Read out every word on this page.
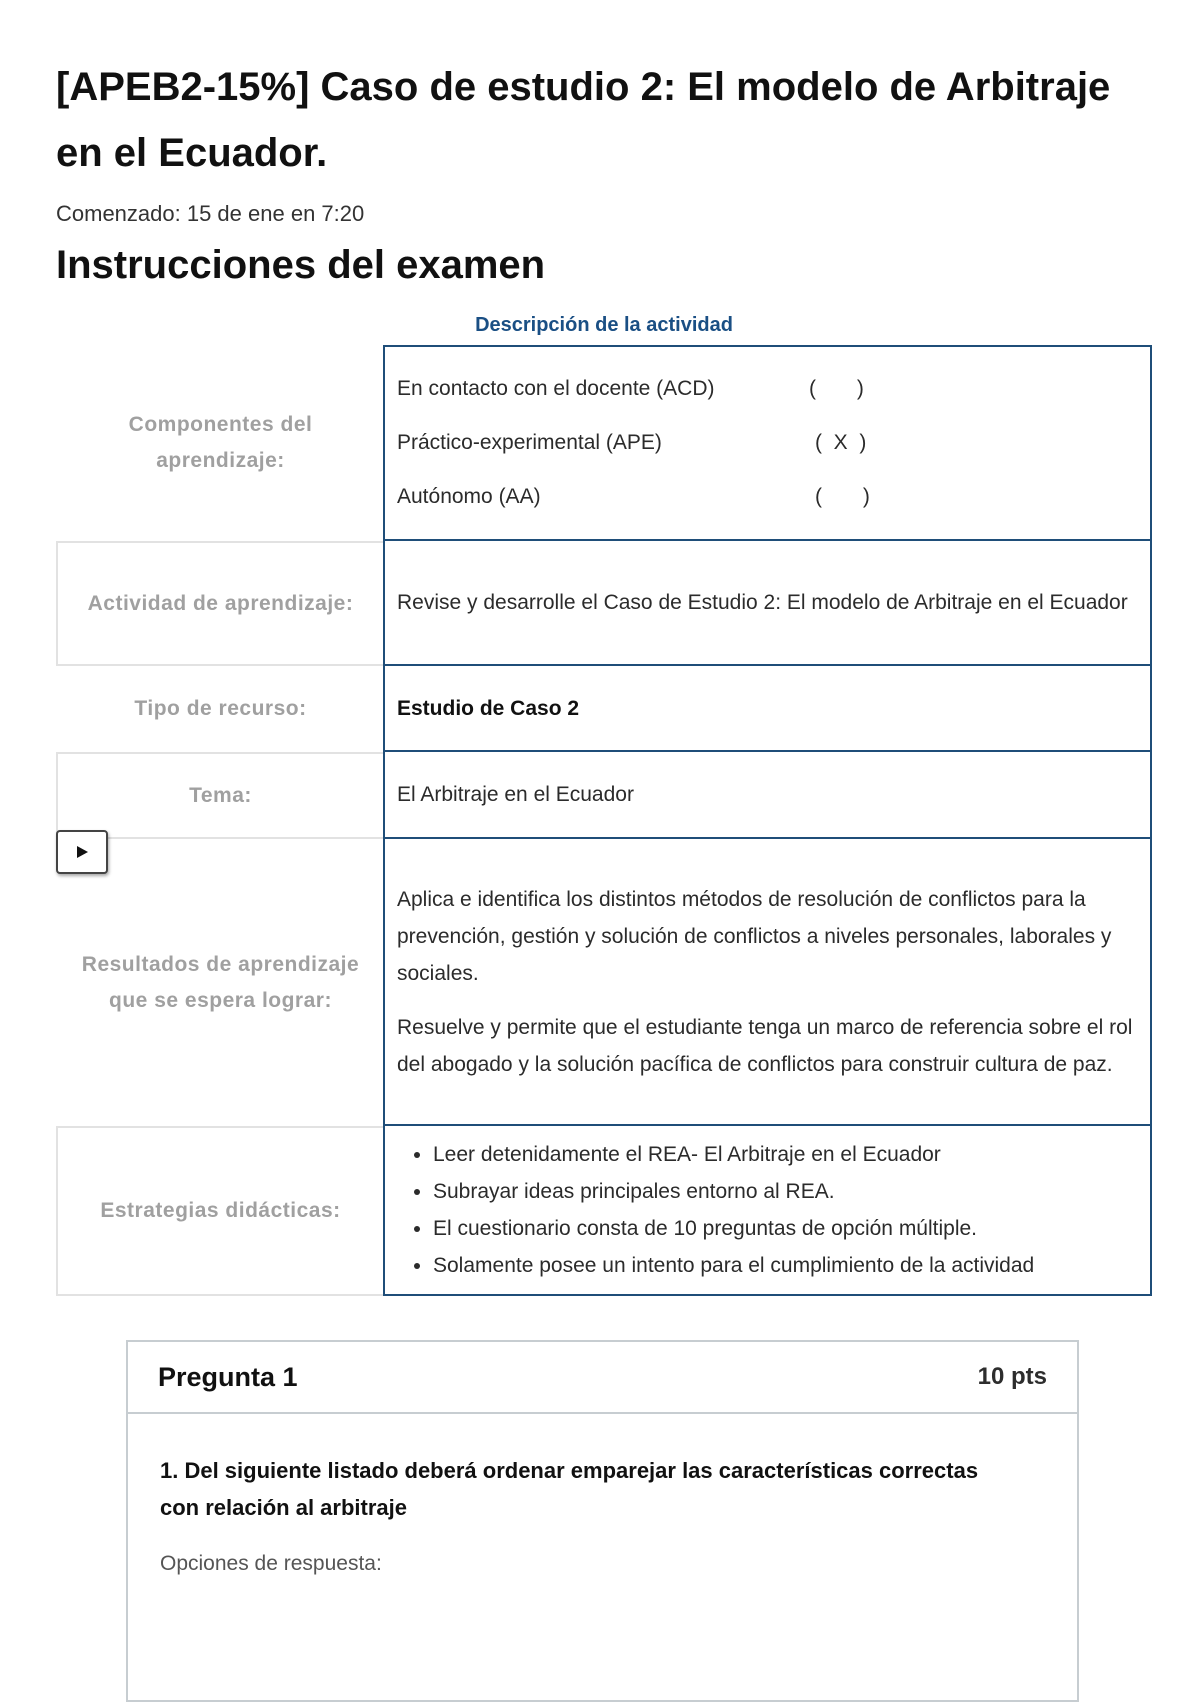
[APEB2-15%] Caso de estudio 2: El modelo de Arbitraje en el Ecuador.

Comenzado: 15 de ene en 7:20

Instrucciones del examen
Descripción de la actividad
Componentes del aprendizaje:
En contacto con el docente (ACD)	(       )
Práctico-experimental (APE)	(  X  )
Autónomo (AA)	(       )
Actividad de aprendizaje:	Revise y desarrolle el Caso de Estudio 2: El modelo de Arbitraje en el Ecuador
Tipo de recurso:	Estudio de Caso 2
Tema:	El Arbitraje en el Ecuador
Resultados de aprendizaje que se espera lograr:

Aplica e identifica los distintos métodos de resolución de conflictos para la prevención, gestión y solución de conflictos a niveles personales, laborales y sociales.

Resuelve y permite que el estudiante tenga un marco de referencia sobre el rol del abogado y la solución pacífica de conflictos para construir cultura de paz.

Estrategias didácticas:
• Leer detenidamente el REA- El Arbitraje en el Ecuador
• Subrayar ideas principales entorno al REA.
• El cuestionario consta de 10 preguntas de opción múltiple.
• Solamente posee un intento para el cumplimiento de la actividad
Pregunta 1	10 pts

1. Del siguiente listado deberá ordenar emparejar las características correctas con relación al arbitraje

Opciones de respuesta:
